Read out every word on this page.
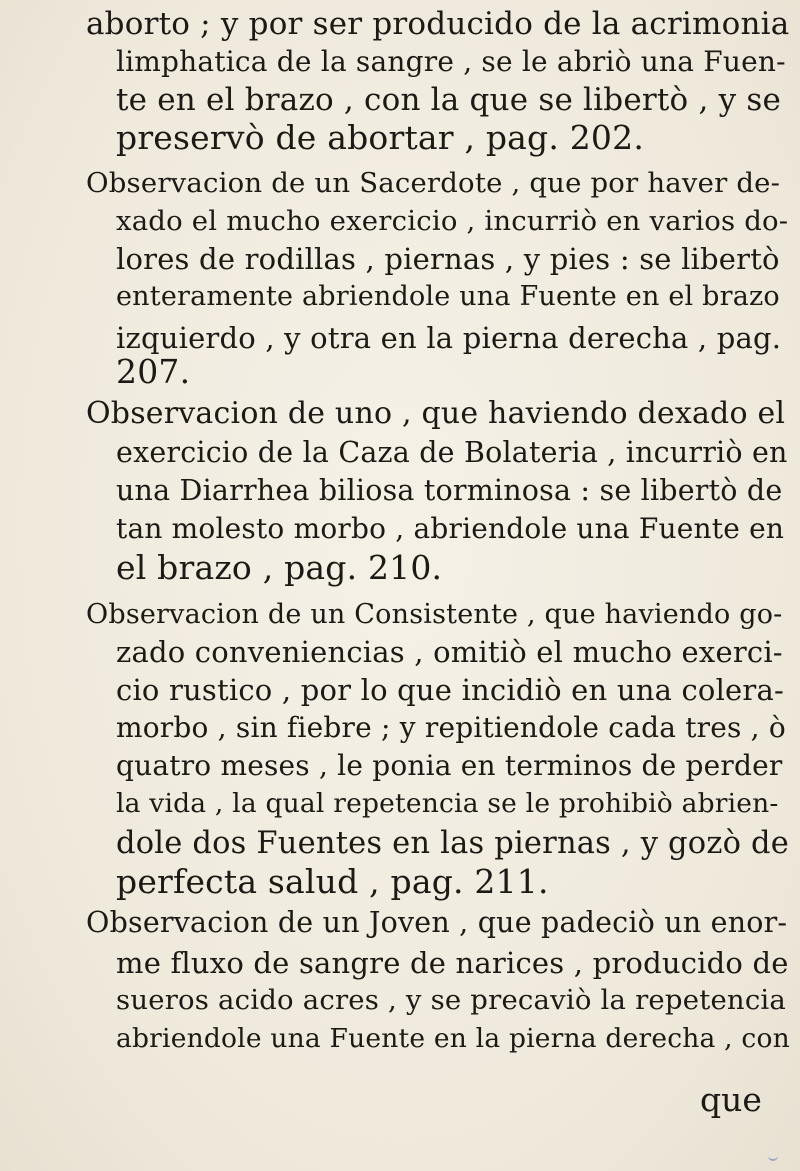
aborto ; y por ser producido de la acrimonia
limphatica de la sangre , se le abriò una Fuen-
te en el brazo , con la que se libertò , y se
preservò de abortar , pag. 202.
Observacion de un Sacerdote , que por haver de-
xado el mucho exercicio , incurriò en varios do-
lores de rodillas , piernas , y pies : se libertò
enteramente abriendole una Fuente en el brazo
izquierdo , y otra en la pierna derecha , pag.
207.
Observacion de uno , que haviendo dexado el
exercicio de la Caza de Bolateria , incurriò en
una Diarrhea biliosa torminosa : se libertò de
tan molesto morbo , abriendole una Fuente en
el brazo , pag. 210.
Observacion de un Consistente , que haviendo go-
zado conveniencias , omitiò el mucho exerci-
cio rustico , por lo que incidiò en una colera-
morbo , sin fiebre ; y repitiendole cada tres , ò
quatro meses , le ponia en terminos de perder
la vida , la qual repetencia se le prohibiò abrien-
dole dos Fuentes en las piernas , y gozò de
perfecta salud , pag. 211.
Observacion de un Joven , que padeciò un enor-
me fluxo de sangre de narices , producido de
sueros acido acres , y se precaviò la repetencia
abriendole una Fuente en la pierna derecha , con
que
